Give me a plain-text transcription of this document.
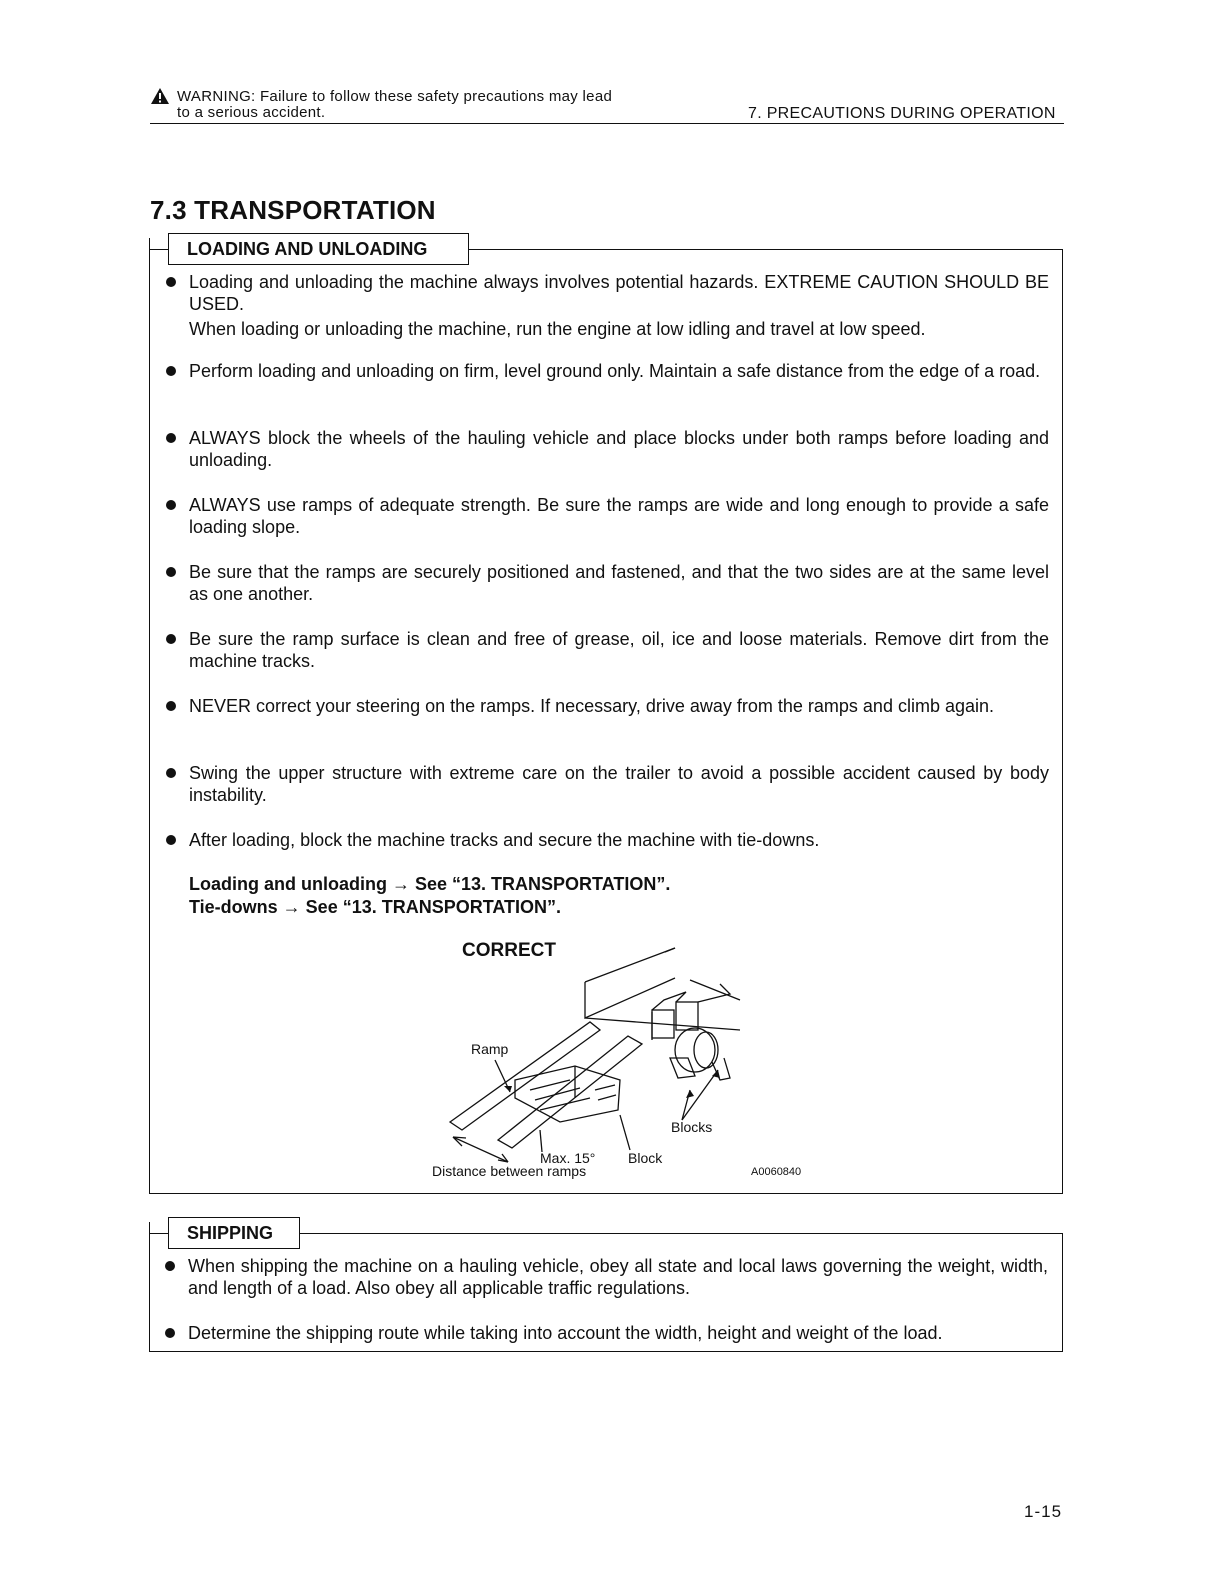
WARNING: Failure to follow these safety precautions may lead
to a serious accident.	7. PRECAUTIONS DURING OPERATION
7.3 TRANSPORTATION
LOADING AND UNLOADING
Loading and unloading the machine always involves potential hazards. EXTREME CAUTION SHOULD BE USED.
When loading or unloading the machine, run the engine at low idling and travel at low speed.
Perform loading and unloading on firm, level ground only. Maintain a safe distance from the edge of a road.
ALWAYS block the wheels of the hauling vehicle and place blocks under both ramps before loading and unloading.
ALWAYS use ramps of adequate strength. Be sure the ramps are wide and long enough to provide a safe loading slope.
Be sure that the ramps are securely positioned and fastened, and that the two sides are at the same level as one another.
Be sure the ramp surface is clean and free of grease, oil, ice and loose materials. Remove dirt from the machine tracks.
NEVER correct your steering on the ramps. If necessary, drive away from the ramps and climb again.
Swing the upper structure with extreme care on the trailer to avoid a possible accident caused by body instability.
After loading, block the machine tracks and secure the machine with tie-downs.
Loading and unloading → See “13. TRANSPORTATION”.
Tie-downs → See “13. TRANSPORTATION”.
CORRECT
Ramp
Blocks
Max. 15° Block
Distance between ramps	A0060840
SHIPPING
When shipping the machine on a hauling vehicle, obey all state and local laws governing the weight, width, and length of a load. Also obey all applicable traffic regulations.
Determine the shipping route while taking into account the width, height and weight of the load.
1-15
